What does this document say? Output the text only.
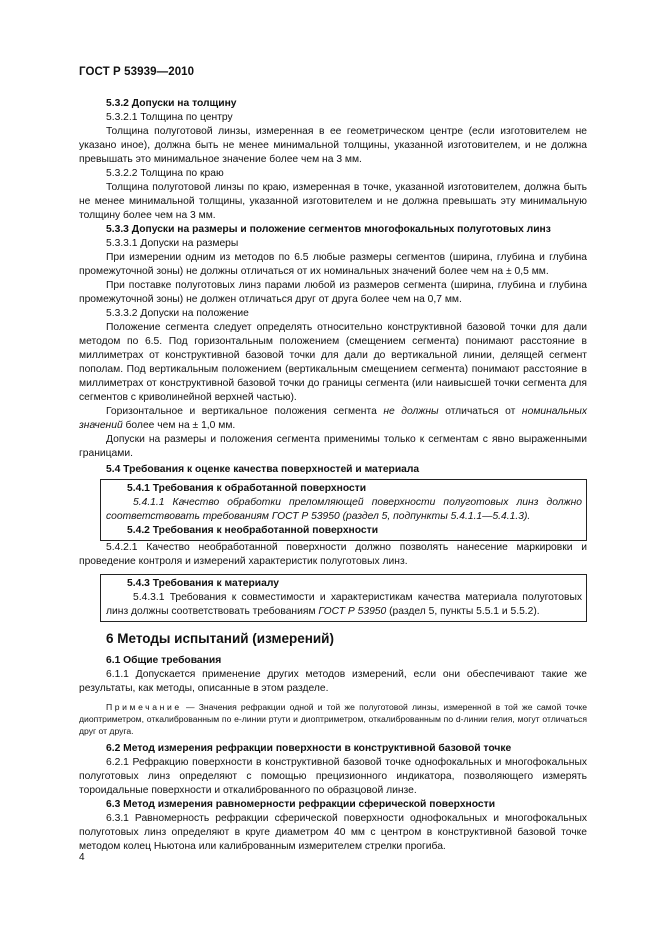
ГОСТ Р 53939—2010

5.3.2 Допуски на толщину

5.3.2.1 Толщина по центру

Толщина полуготовой линзы, измеренная в ее геометрическом центре (если изготовителем не указано иное), должна быть не менее минимальной толщины, указанной изготовителем, и не должна превышать это минимальное значение более чем на 3 мм.

5.3.2.2 Толщина по краю

Толщина полуготовой линзы по краю, измеренная в точке, указанной изготовителем, должна быть не менее минимальной толщины, указанной изготовителем и не должна превышать эту минимальную толщину более чем на 3 мм.

5.3.3 Допуски на размеры и положение сегментов многофокальных полуготовых линз

5.3.3.1 Допуски на размеры

При измерении одним из методов по 6.5 любые размеры сегментов (ширина, глубина и глубина промежуточной зоны) не должны отличаться от их номинальных значений более чем на ± 0,5 мм.

При поставке полуготовых линз парами любой из размеров сегмента (ширина, глубина и глубина промежуточной зоны) не должен отличаться друг от друга более чем на 0,7 мм.

5.3.3.2 Допуски на положение

Положение сегмента следует определять относительно конструктивной базовой точки для дали методом по 6.5. Под горизонтальным положением (смещением сегмента) понимают расстояние в миллиметрах от конструктивной базовой точки для дали до вертикальной линии, делящей сегмент пополам. Под вертикальным положением (вертикальным смещением сегмента) понимают расстояние в миллиметрах от конструктивной базовой точки до границы сегмента (или наивысшей точки сегмента для сегментов с криволинейной верхней частью).

Горизонтальное и вертикальное положения сегмента не должны отличаться от номинальных значений более чем на ± 1,0 мм.

Допуски на размеры и положения сегмента применимы только к сегментам с явно выраженными границами.

5.4 Требования к оценке качества поверхностей и материала

5.4.1 Требования к обработанной поверхности

5.4.1.1 Качество обработки преломляющей поверхности полуготовых линз должно соответствовать требованиям ГОСТ Р 53950 (раздел 5, подпункты 5.4.1.1—5.4.1.3).

5.4.2 Требования к необработанной поверхности

5.4.2.1 Качество необработанной поверхности должно позволять нанесение маркировки и проведение контроля и измерений характеристик полуготовых линз.

5.4.3 Требования к материалу

5.4.3.1 Требования к совместимости и характеристикам качества материала полуготовых линз должны соответствовать требованиям ГОСТ Р 53950 (раздел 5, пункты 5.5.1 и 5.5.2).

6 Методы испытаний (измерений)

6.1 Общие требования

6.1.1 Допускается применение других методов измерений, если они обеспечивают такие же результаты, как методы, описанные в этом разделе.

Примечание — Значения рефракции одной и той же полуготовой линзы, измеренной в той же самой точке диоптриметром, откалиброванным по e-линии ртути и диоптриметром, откалиброванным по d-линии гелия, могут отличаться друг от друга.

6.2 Метод измерения рефракции поверхности в конструктивной базовой точке

6.2.1 Рефракцию поверхности в конструктивной базовой точке однофокальных и многофокальных полуготовых линз определяют с помощью прецизионного индикатора, позволяющего измерять тороидальные поверхности и откалиброванного по образцовой линзе.

6.3 Метод измерения равномерности рефракции сферической поверхности

6.3.1 Равномерность рефракции сферической поверхности однофокальных и многофокальных полуготовых линз определяют в круге диаметром 40 мм с центром в конструктивной базовой точке методом колец Ньютона или калиброванным измерителем стрелки прогиба.

4
